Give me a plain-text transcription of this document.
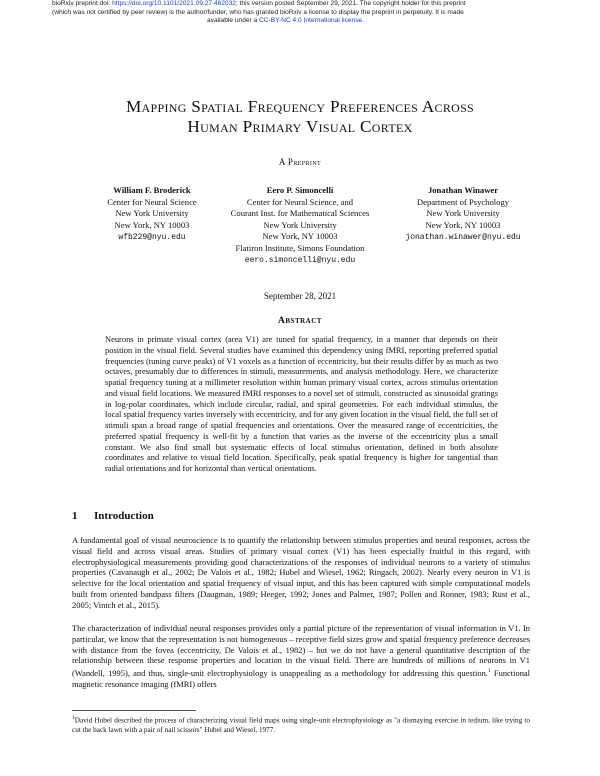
bioRxiv preprint doi: https://doi.org/10.1101/2021.09.27.462032; this version posted September 29, 2021. The copyright holder for this preprint
(which was not certified by peer review) is the author/funder, who has granted bioRxiv a license to display the preprint in perpetuity. It is made
available under a CC-BY-NC 4.0 International license.
Mapping Spatial Frequency Preferences Across
Human Primary Visual Cortex
A Preprint
William F. Broderick
Center for Neural Science
New York University
New York, NY 10003
wfb229@nyu.edu
Eero P. Simoncelli
Center for Neural Science, and
Courant Inst. for Mathematical Sciences
New York University
New York, NY 10003
Flatiron Institute, Simons Foundation
eero.simoncelli@nyu.edu
Jonathan Winawer
Department of Psychology
New York University
New York, NY 10003
jonathan.winawer@nyu.edu
September 28, 2021
Abstract
Neurons in primate visual cortex (area V1) are tuned for spatial frequency, in a manner that depends on their position in the visual field. Several studies have examined this dependency using fMRI, reporting preferred spatial frequencies (tuning curve peaks) of V1 voxels as a function of eccentricity, but their results differ by as much as two octaves, presumably due to differences in stimuli, measurements, and analysis methodology. Here, we characterize spatial frequency tuning at a millimeter resolution within human primary visual cortex, across stimulus orientation and visual field locations. We measured fMRI responses to a novel set of stimuli, constructed as sinusoidal gratings in log-polar coordinates, which include circular, radial, and spiral geometries. For each individual stimulus, the local spatial frequency varies inversely with eccentricity, and for any given location in the visual field, the full set of stimuli span a broad range of spatial frequencies and orientations. Over the measured range of eccentricities, the preferred spatial frequency is well-fit by a function that varies as the inverse of the eccentricity plus a small constant. We also find small but systematic effects of local stimulus orientation, defined in both absolute coordinates and relative to visual field location. Specifically, peak spatial frequency is higher for tangential than radial orientations and for horizontal than vertical orientations.
1 Introduction
A fundamental goal of visual neuroscience is to quantify the relationship between stimulus properties and neural responses, across the visual field and across visual areas. Studies of primary visual cortex (V1) has been especially fruitful in this regard, with electrophysiological measurements providing good characterizations of the responses of individual neurons to a variety of stimulus properties (Cavanaugh et al., 2002; De Valois et al., 1982; Hubel and Wiesel, 1962; Ringach, 2002). Nearly every neuron in V1 is selective for the local orientation and spatial frequency of visual input, and this has been captured with simple computational models built from oriented bandpass filters (Daugman, 1989; Heeger, 1992; Jones and Palmer, 1987; Pollen and Ronner, 1983; Rust et al., 2005; Vintch et al., 2015).
The characterization of individual neural responses provides only a partial picture of the representation of visual information in V1. In particular, we know that the representation is not homogeneous – receptive field sizes grow and spatial frequency preference decreases with distance from the fovea (eccentricity, De Valois et al., 1982) – but we do not have a general quantitative description of the relationship between these response properties and location in the visual field. There are hundreds of millions of neurons in V1 (Wandell, 1995), and thus, single-unit electrophysiology is unappealing as a methodology for addressing this question.$^1$ Functional magnetic resonance imaging (fMRI) offers
$^1$David Hubel described the process of characterizing visual field maps using single-unit electrophysiology as "a dismaying exercise in tedium, like trying to cut the back lawn with a pair of nail scissors" Hubel and Wiesel, 1977.
